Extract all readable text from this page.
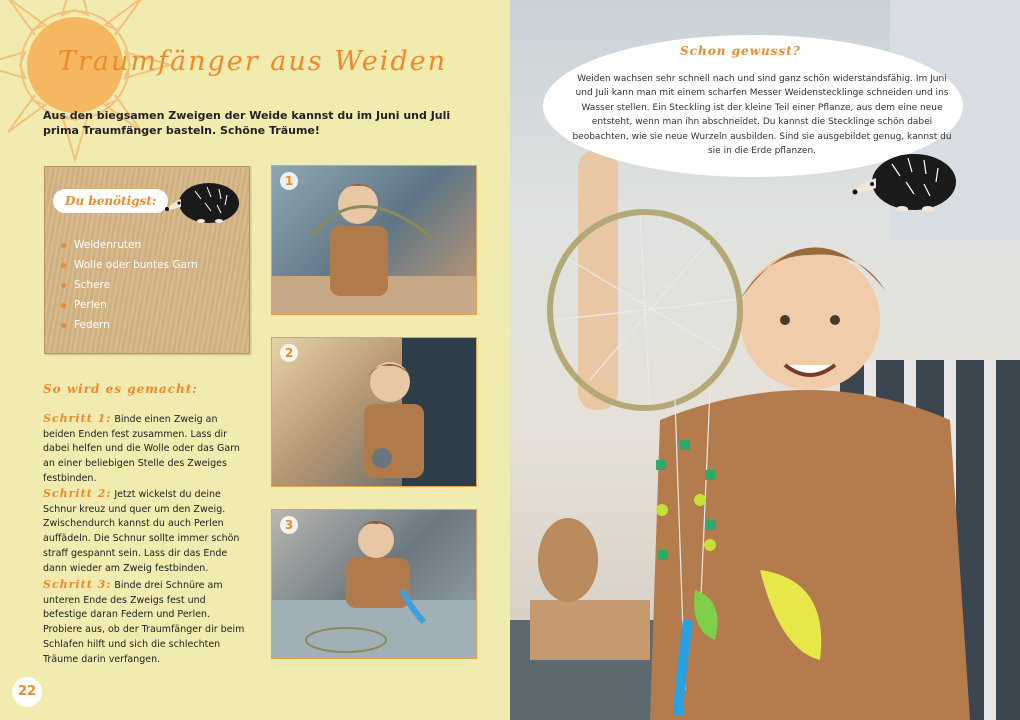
Traumfänger aus Weiden
Aus den biegsamen Zweigen der Weide kannst du im Juni und Juli prima Traumfänger basteln. Schöne Träume!
Du benötigst:
Weidenruten
Wolle oder buntes Garn
Schere
Perlen
Federn
So wird es gemacht:
Schritt 1: Binde einen Zweig an beiden Enden fest zusammen. Lass dir dabei helfen und die Wolle oder das Garn an einer beliebigen Stelle des Zweiges festbinden.
Schritt 2: Jetzt wickelst du deine Schnur kreuz und quer um den Zweig. Zwischendurch kannst du auch Perlen auffädeln. Die Schnur sollte immer schön straff gespannt sein. Lass dir das Ende dann wieder am Zweig festbinden.
Schritt 3: Binde drei Schnüre am unteren Ende des Zweigs fest und befestige daran Federn und Perlen. Probiere aus, ob der Traumfänger dir beim Schlafen hilft und sich die schlechten Träume darin verfangen.
1
2
3
22
Schon gewusst?
Weiden wachsen sehr schnell nach und sind ganz schön widerstandsfähig. Im Juni und Juli kann man mit einem scharfen Messer Weidenstecklinge schneiden und ins Wasser stellen. Ein Steckling ist der kleine Teil einer Pflanze, aus dem eine neue entsteht, wenn man ihn abschneidet. Du kannst die Stecklinge schön dabei beobachten, wie sie neue Wurzeln ausbilden. Sind sie ausgebildet genug, kannst du sie in die Erde pflanzen.
